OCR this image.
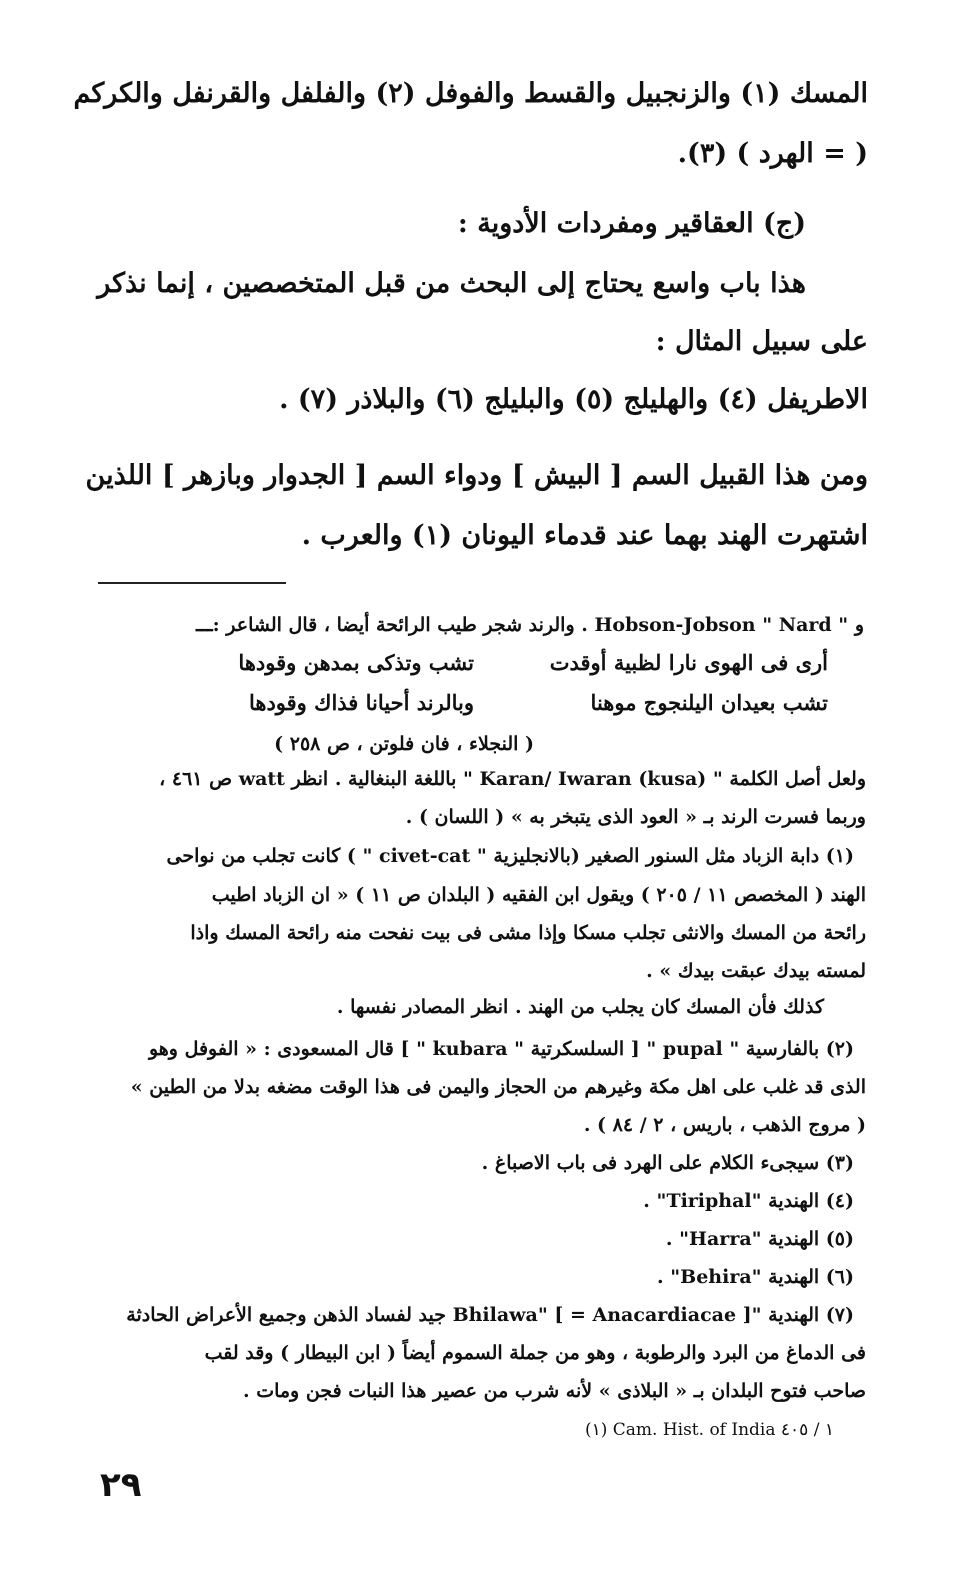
المسك (١) والزنجبيل والقسط والفوفل (٢) والفلفل والقرنفل والكركم
( = الهرد ) (٣).
(ج) العقاقير ومفردات الأدوية :
هذا باب واسع يحتاج إلى البحث من قبل المتخصصين ، إنما نذكر
على سبيل المثال :
الاطريفل (٤) والهليلج (٥) والبليلج (٦) والبلاذر (٧) .
ومن هذا القبيل السم [ البيش ] ودواء السم [ الجدوار وبازهر ] اللذين
اشتهرت الهند بهما عند قدماء اليونان (١) والعرب .
و " Hobson-Jobson " Nard . والرند شجر طيب الرائحة أيضا ، قال الشاعر :ـــ
أرى فى الهوى نارا لظبية أوقدت
تشب وتذكى بمدهن وقودها
تشب بعيدان اليلنجوج موهنا
وبالرند أحيانا فذاك وقودها
( النجلاء ، فان فلوتن ، ص ٢٥٨ )
ولعل أصل الكلمة " Karan/ Iwaran (kusa) " باللغة البنغالية . انظر watt ص ٤٦١ ،
وربما فسرت الرند بـ « العود الذى يتبخر به » ( اللسان ) .
(١) دابة الزباد مثل السنور الصغير (بالانجليزية " civet-cat " ) كانت تجلب من نواحى
الهند ( المخصص ١١ / ٢٠٥ ) ويقول ابن الفقيه ( البلدان ص ١١ ) « ان الزباد اطيب
رائحة من المسك والانثى تجلب مسكا وإذا مشى فى بيت نفحت منه رائحة المسك واذا
لمسته بيدك عبقت بيدك » .
كذلك فأن المسك كان يجلب من الهند . انظر المصادر نفسها .
(٢) بالفارسية " pupal " [ السلسكرتية " kubara " ] قال المسعودى : « الفوفل وهو
الذى قد غلب على اهل مكة وغيرهم من الحجاز واليمن فى هذا الوقت مضغه بدلا من الطين »
( مروج الذهب ، باريس ، ٢ / ٨٤ ) .
(٣) سيجىء الكلام على الهرد فى باب الاصباغ .
(٤) الهندية "Tiriphal" .
(٥) الهندية "Harra" .
(٦) الهندية "Behira" .
(٧) الهندية "Bhilawa" [ = Anacardiacae ] جيد لفساد الذهن وجميع الأعراض الحادثة
فى الدماغ من البرد والرطوبة ، وهو من جملة السموم أيضاً ( ابن البيطار ) وقد لقب
صاحب فتوح البلدان بـ « البلاذى » لأنه شرب من عصير هذا النبات فجن ومات .
(١) Cam. Hist. of India ١ / ٤٠٥
٢٩
